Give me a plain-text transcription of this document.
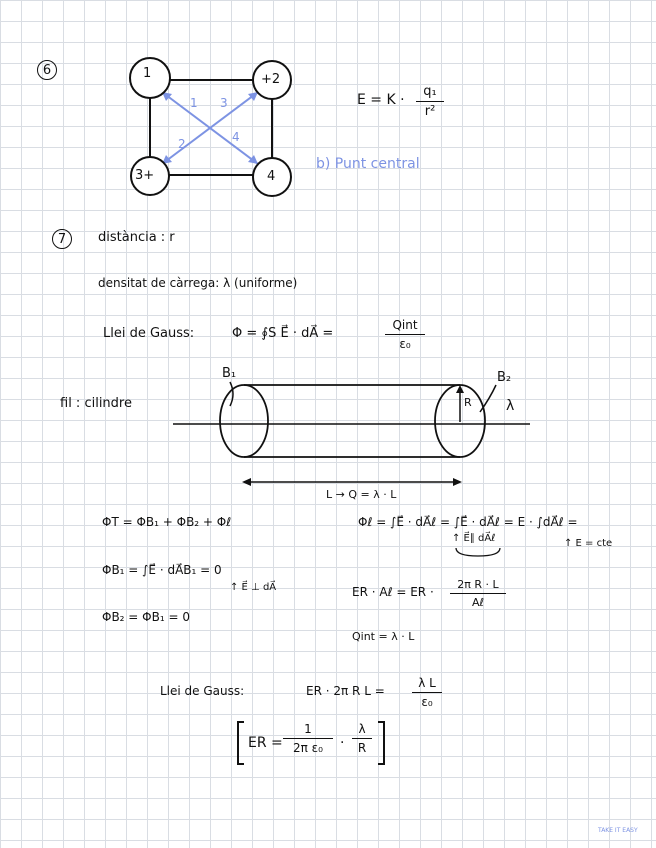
6	1	+2
3+	4
1
2
3
4
E = K ·
q₁
r²
b) Punt central
7 distància : r
densitat de càrrega: λ (uniforme)
Llei de Gauss:	Φ = ∮S E⃗ · dA⃗ =
Qint
ε₀
fil : cilindre
B₁	B₂
R λ
L → Q = λ · L
ΦT = ΦB₁ + ΦB₂ + Φℓ
ΦB₁ = ∫E⃗ · dA⃗B₁ = 0
↑ E⃗ ⊥ dA⃗
ΦB₂ = ΦB₁ = 0
Φℓ = ∫E⃗ · dA⃗ℓ = ∫E⃗ · dA⃗ℓ = E · ∫dA⃗ℓ =
↑ E⃗∥ dA⃗ℓ	↑ E = cte
ER · Aℓ = ER ·
2π R · L
Aℓ
Qint = λ · L
Llei de Gauss:	ER · 2π R L =
λ L
ε₀
ER =
1
2π ε₀	·
λ
R
TAKE IT EASY
